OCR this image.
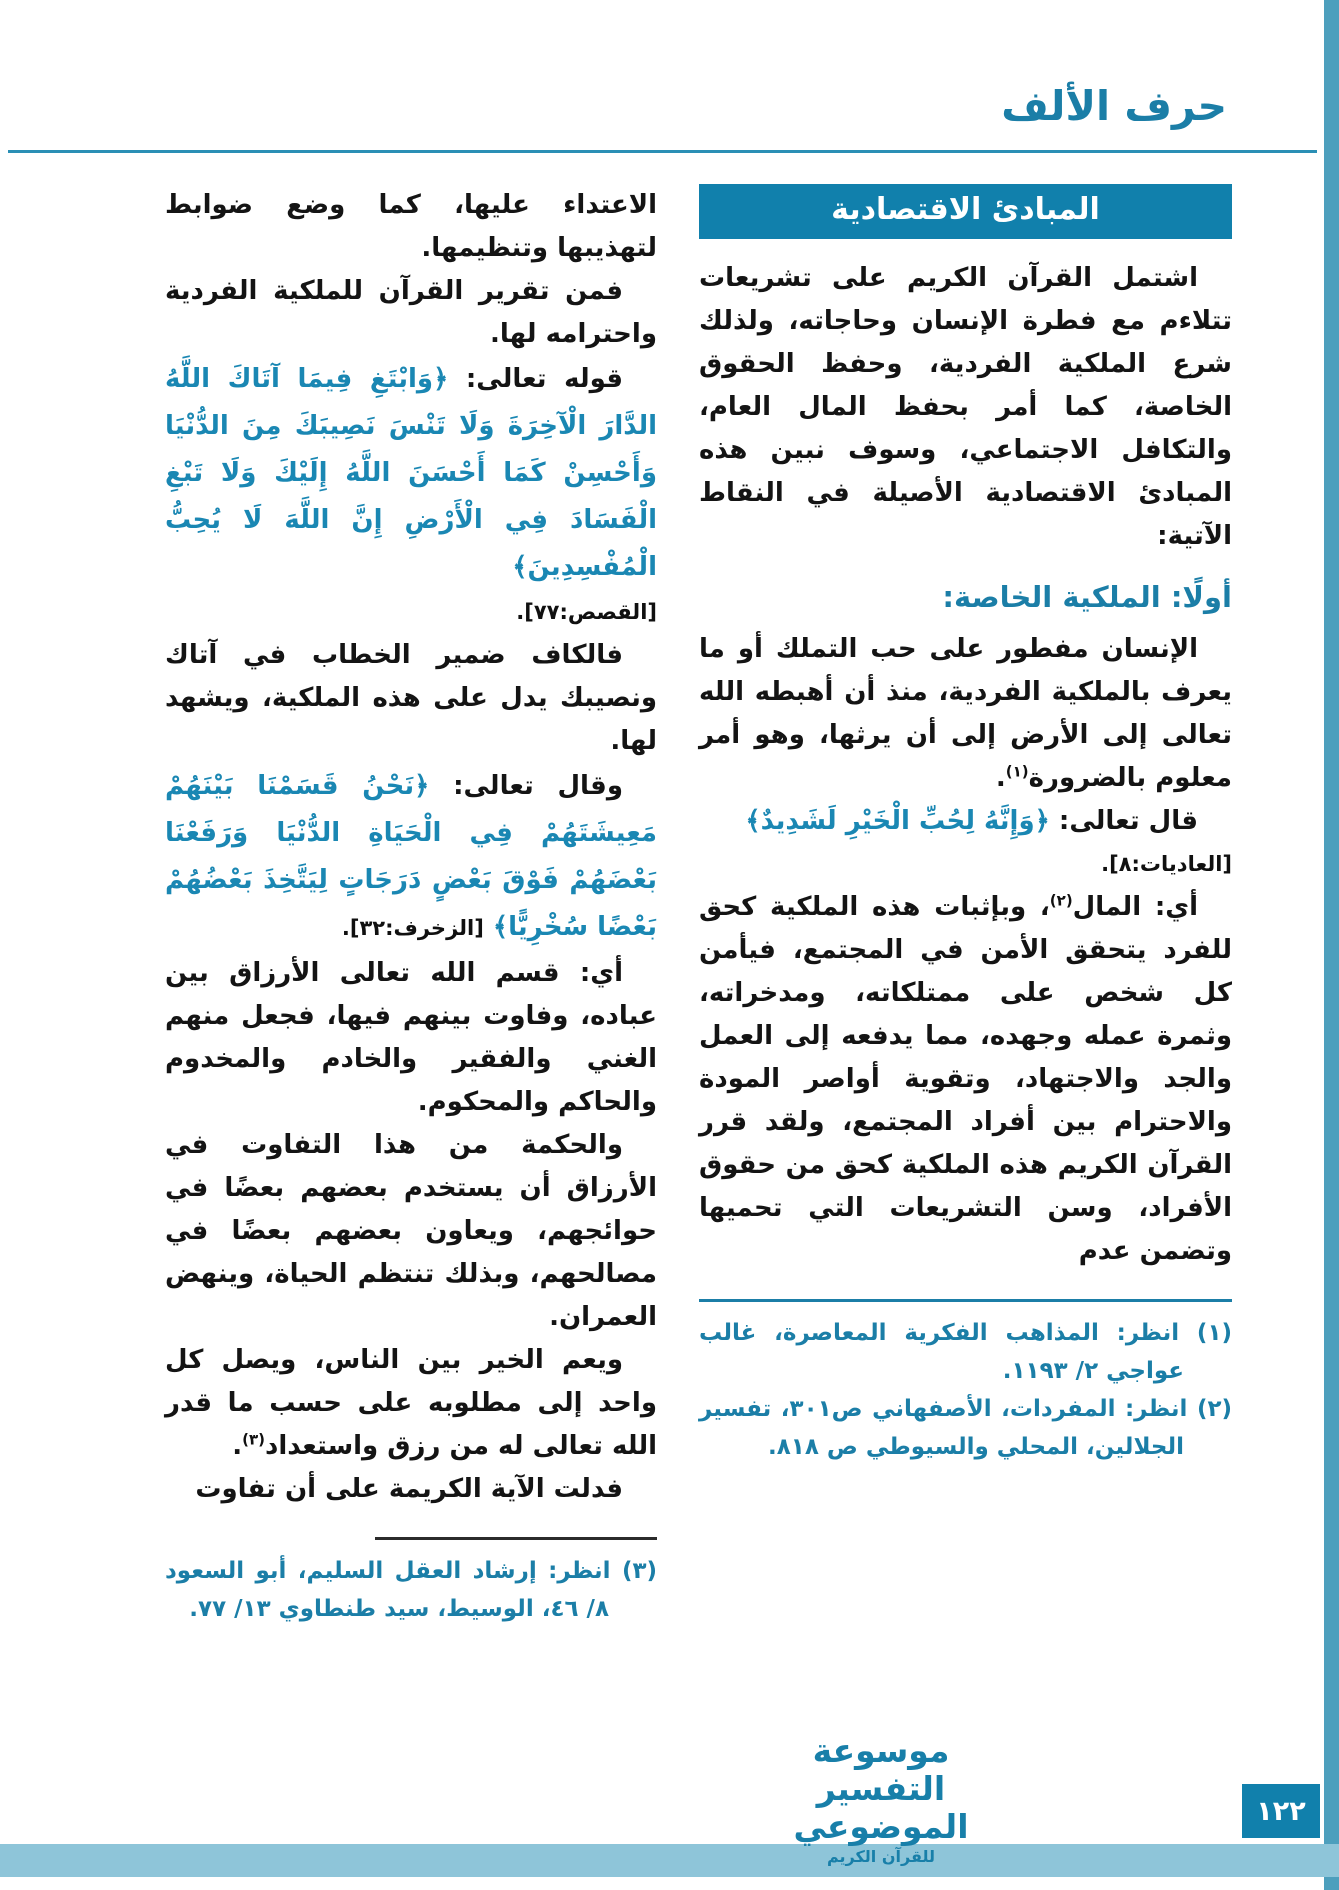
حرف الألف
المبادئ الاقتصادية

اشتمل القرآن الكريم على تشريعات تتلاءم مع فطرة الإنسان وحاجاته، ولذلك شرع الملكية الفردية، وحفظ الحقوق الخاصة، كما أمر بحفظ المال العام، والتكافل الاجتماعي، وسوف نبين هذه المبادئ الاقتصادية الأصيلة في النقاط الآتية:

أولًا: الملكية الخاصة:

الإنسان مفطور على حب التملك أو ما يعرف بالملكية الفردية، منذ أن أهبطه الله تعالى إلى الأرض إلى أن يرثها، وهو أمر معلوم بالضرورة$^{(١)}$.

قال تعالى: ﴿وَإِنَّهُ لِحُبِّ الْخَيْرِ لَشَدِيدٌ﴾

[العاديات:٨].

أي: المال$^{(٢)}$، وبإثبات هذه الملكية كحق للفرد يتحقق الأمن في المجتمع، فيأمن كل شخص على ممتلكاته، ومدخراته، وثمرة عمله وجهده، مما يدفعه إلى العمل والجد والاجتهاد، وتقوية أواصر المودة والاحترام بين أفراد المجتمع، ولقد قرر القرآن الكريم هذه الملكية كحق من حقوق الأفراد، وسن التشريعات التي تحميها وتضمن عدم

(١) انظر: المذاهب الفكرية المعاصرة، غالب عواجي ٢/ ١١٩٣.

(٢) انظر: المفردات، الأصفهاني ص٣٠١، تفسير الجلالين، المحلي والسيوطي ص ٨١٨.

الاعتداء عليها، كما وضع ضوابط لتهذيبها وتنظيمها.

فمن تقرير القرآن للملكية الفردية واحترامه لها.

قوله تعالى: ﴿وَابْتَغِ فِيمَا آتَاكَ اللَّهُ الدَّارَ الْآخِرَةَ وَلَا تَنْسَ نَصِيبَكَ مِنَ الدُّنْيَا وَأَحْسِنْ كَمَا أَحْسَنَ اللَّهُ إِلَيْكَ وَلَا تَبْغِ الْفَسَادَ فِي الْأَرْضِ إِنَّ اللَّهَ لَا يُحِبُّ الْمُفْسِدِينَ﴾

[القصص:٧٧].

فالكاف ضمير الخطاب في آتاك ونصيبك يدل على هذه الملكية، ويشهد لها.

وقال تعالى: ﴿نَحْنُ قَسَمْنَا بَيْنَهُمْ مَعِيشَتَهُمْ فِي الْحَيَاةِ الدُّنْيَا وَرَفَعْنَا بَعْضَهُمْ فَوْقَ بَعْضٍ دَرَجَاتٍ لِيَتَّخِذَ بَعْضُهُمْ بَعْضًا سُخْرِيًّا﴾ [الزخرف:٣٢].

أي: قسم الله تعالى الأرزاق بين عباده، وفاوت بينهم فيها، فجعل منهم الغني والفقير والخادم والمخدوم والحاكم والمحكوم.

والحكمة من هذا التفاوت في الأرزاق أن يستخدم بعضهم بعضًا في حوائجهم، ويعاون بعضهم بعضًا في مصالحهم، وبذلك تنتظم الحياة، وينهض العمران.

ويعم الخير بين الناس، ويصل كل واحد إلى مطلوبه على حسب ما قدر الله تعالى له من رزق واستعداد$^{(٣)}$.

فدلت الآية الكريمة على أن تفاوت

(٣) انظر: إرشاد العقل السليم، أبو السعود ٨/ ٤٦، الوسيط، سيد طنطاوي ١٣/ ٧٧.

موسوعة التفسير الموضوعي
للقرآن الكريم
١٢٢
